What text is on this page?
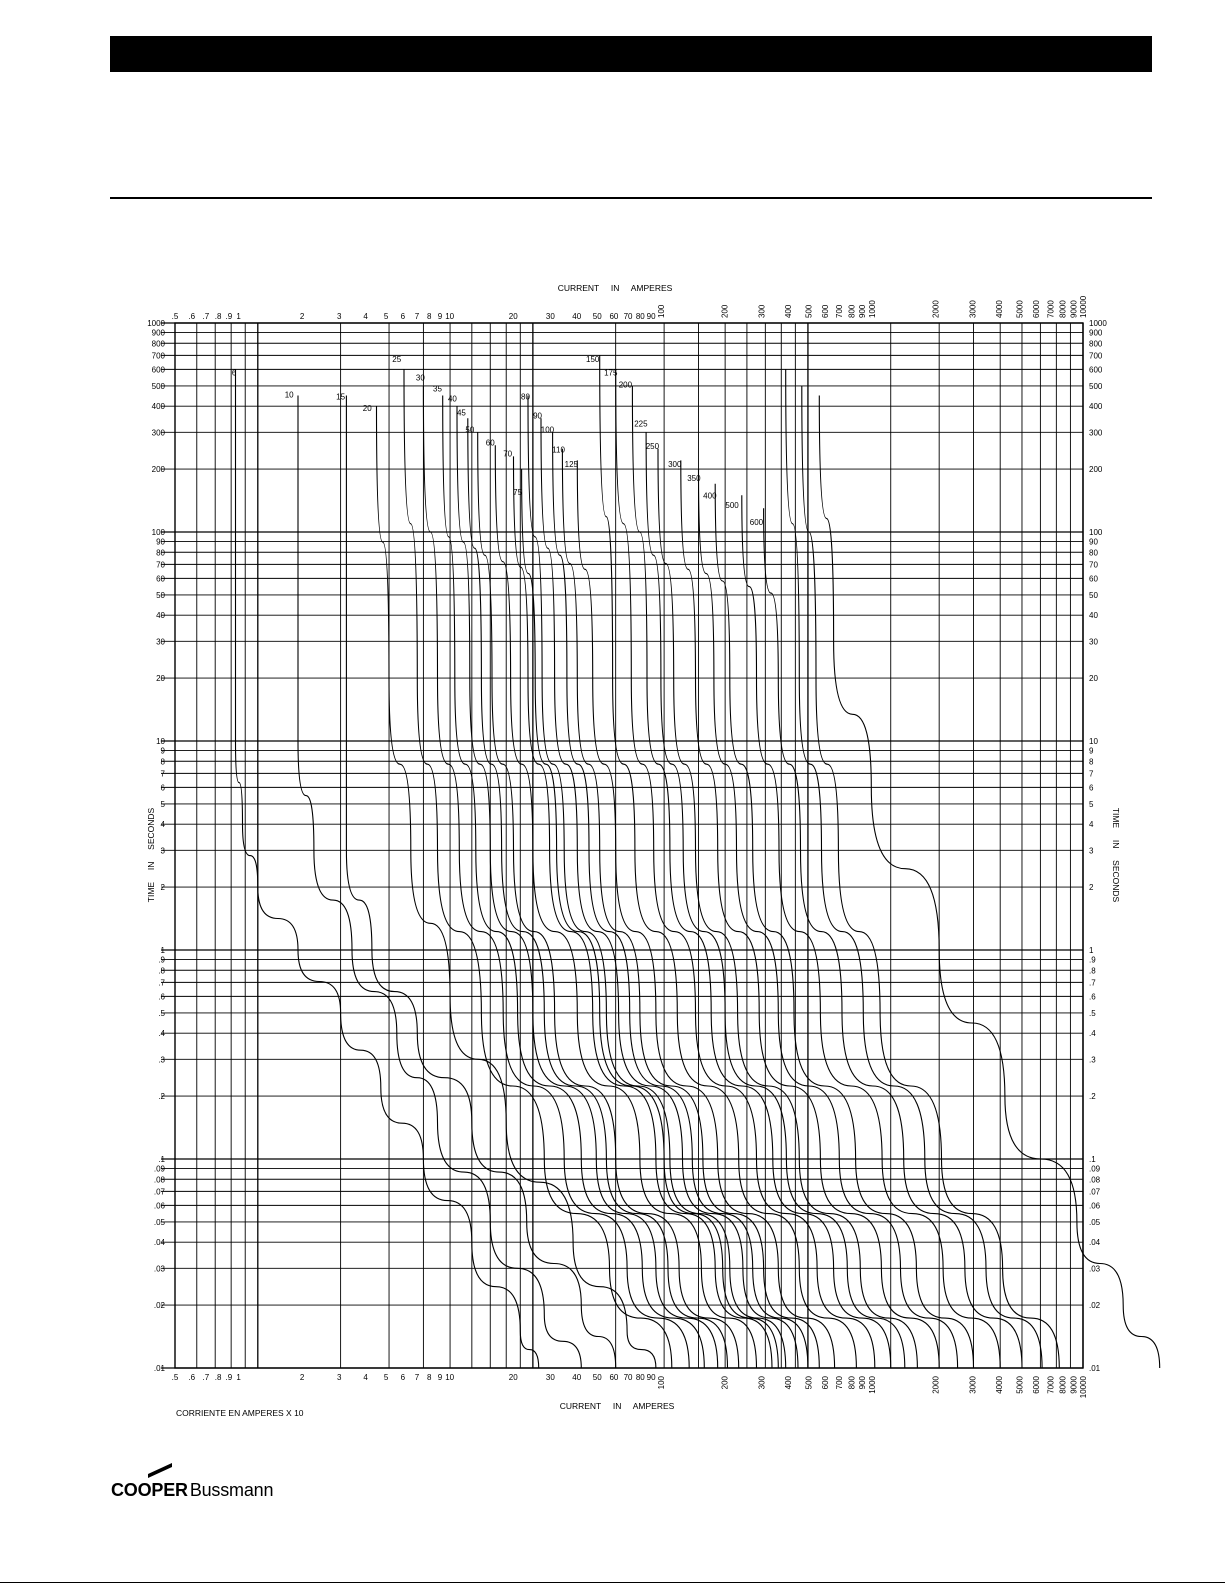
.5
.5
.6
.6
.7
.7
.8
.8
.9
.9
1
1
2
2
3
3
4
4
5
5
6
6
7
7
8
8
9
9
10
10
20
20
30
30
40
40
50
50
60
60
70
70
80
80
90
90
100
100
200
200
300
300
400
400
500
500
600
600
700
700
800
800
900
900
1000
1000
2000
2000
3000
3000
4000
4000
5000
5000
6000
6000
7000
7000
8000
8000
9000
9000
10000
10000
.01	.01
.02	.02
.03	.03
.04	.04
.05	.05
.06	.06
.07	.07
.08	.08
.09	.09
.1	.1
.2	.2
.3	.3
.4	.4
.5	.5
.6	.6
.7	.7
.8	.8
.9	.9
1	1
2	2
3	3
4	4
5	5
6	6
7	7
8	8
9	9
10	10
20	20
30	30
40	40
50	50
60	60
70	70
80	80
90	90
100	100
200	200
300	300
400	400
500	500
600	600
700	700
800	800
900	900
1000	1000
6
10	15
20
25
30
35
40
45
50
60
70
75
80
90
100
110
125
150
175
200
225
250
300
350
400
500
600
CURRENT     IN     AMPERES
CURRENT     IN     AMPERES
CORRIENTE EN AMPERES X 10
TIME     IN     SECONDS	TIME     IN     SECONDS
COOPER Bussmann
